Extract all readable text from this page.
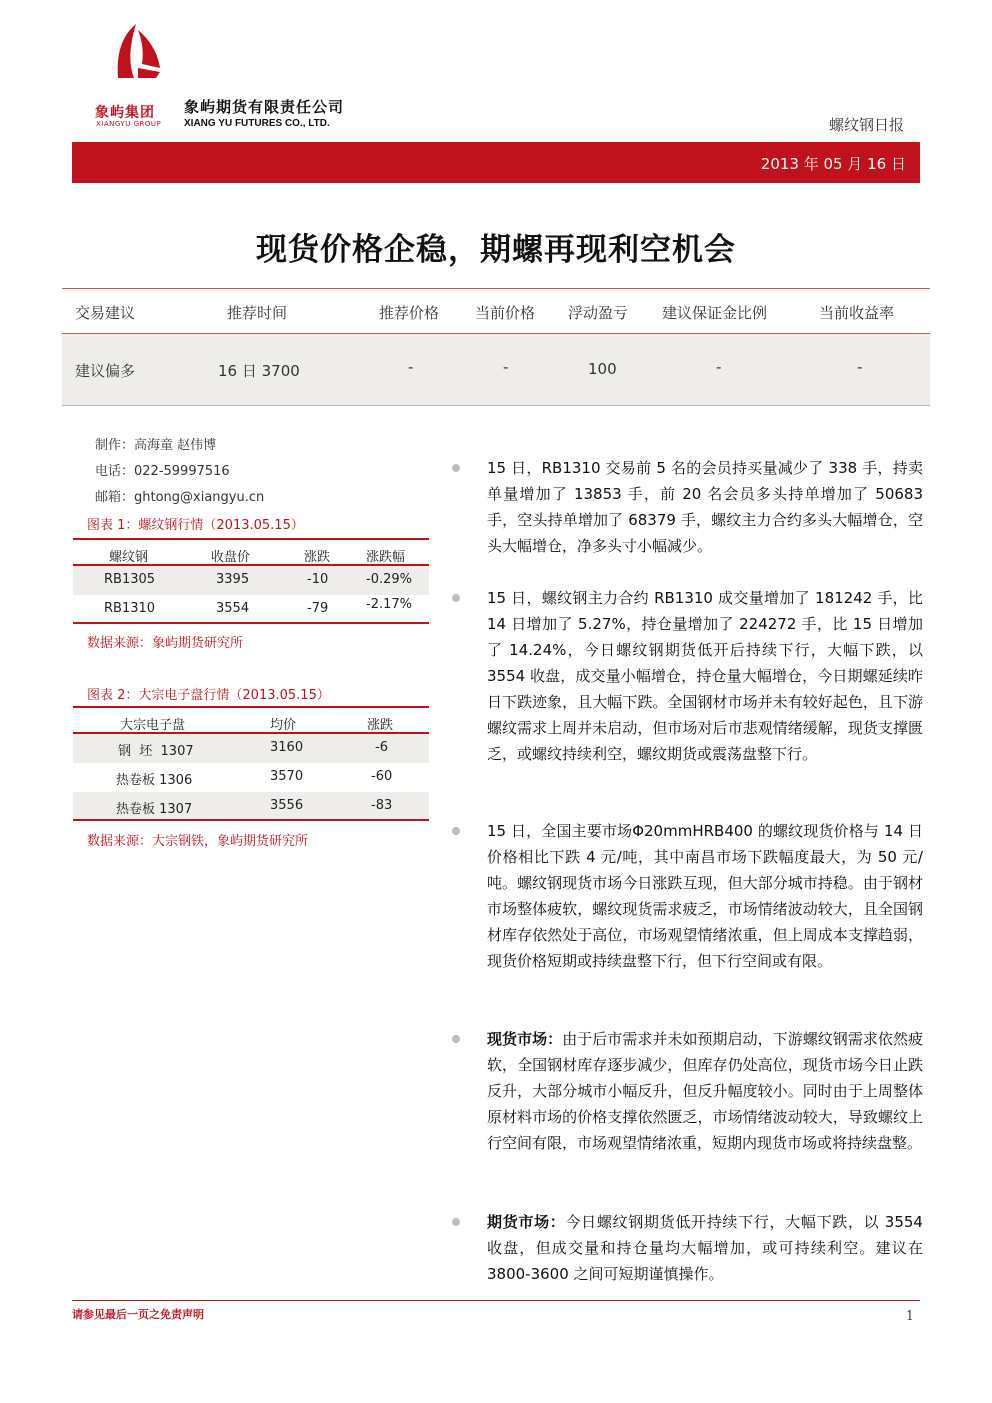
象屿集团
XIANGYU GROUP
象屿期货有限责任公司
XIANG YU FUTURES CO., LTD.	螺纹钢日报
2013 年 05 月 16 日
现货价格企稳，期螺再现利空机会
交易建议	推荐时间	推荐价格 当前价格 浮动盈亏 建议保证金比例	当前收益率
建议偏多	16 日 3700	-	-	100	-	-
制作：高海童 赵伟博
电话：022-59997516
邮箱：ghtong@xiangyu.cn
图表 1：螺纹钢行情（2013.05.15）
螺纹钢	收盘价	涨跌	涨跌幅
RB1305	3395	-10	-0.29%
RB1310	3554	-79	-2.17%
数据来源：象屿期货研究所
图表 2：大宗电子盘行情（2013.05.15）
大宗电子盘	均价	涨跌
钢  坯  1307	3160	-6
热卷板 1306	3570	-60
热卷板 1307	3556	-83
数据来源：大宗钢铁，象屿期货研究所
15 日，RB1310 交易前 5 名的会员持买量减少了 338 手，持卖单量增加了 13853 手，前 20 名会员多头持单增加了 50683 手，空头持单增加了 68379 手，螺纹主力合约多头大幅增仓，空头大幅增仓，净多头寸小幅减少。
15 日，螺纹钢主力合约 RB1310 成交量增加了 181242 手，比 14 日增加了 5.27%，持仓量增加了 224272 手，比 15 日增加了 14.24%，今日螺纹钢期货低开后持续下行，大幅下跌，以 3554 收盘，成交量小幅增仓，持仓量大幅增仓，今日期螺延续昨日下跌迹象，且大幅下跌。全国钢材市场并未有较好起色，且下游螺纹需求上周并未启动，但市场对后市悲观情绪缓解，现货支撑匮乏，或螺纹持续利空，螺纹期货或震荡盘整下行。
15 日，全国主要市场Φ20mmHRB400 的螺纹现货价格与 14 日价格相比下跌 4 元/吨，其中南昌市场下跌幅度最大，为 50 元/吨。螺纹钢现货市场今日涨跌互现，但大部分城市持稳。由于钢材市场整体疲软，螺纹现货需求疲乏，市场情绪波动较大，且全国钢材库存依然处于高位，市场观望情绪浓重，但上周成本支撑趋弱，现货价格短期或持续盘整下行，但下行空间或有限。
现货市场：由于后市需求并未如预期启动，下游螺纹钢需求依然疲软，全国钢材库存逐步减少，但库存仍处高位，现货市场今日止跌反升，大部分城市小幅反升，但反升幅度较小。同时由于上周整体原材料市场的价格支撑依然匮乏，市场情绪波动较大，导致螺纹上行空间有限，市场观望情绪浓重，短期内现货市场或将持续盘整。
期货市场：今日螺纹钢期货低开持续下行，大幅下跌，以 3554 收盘，但成交量和持仓量均大幅增加，或可持续利空。建议在 3800-3600 之间可短期谨慎操作。
请参见最后一页之免责声明	1
